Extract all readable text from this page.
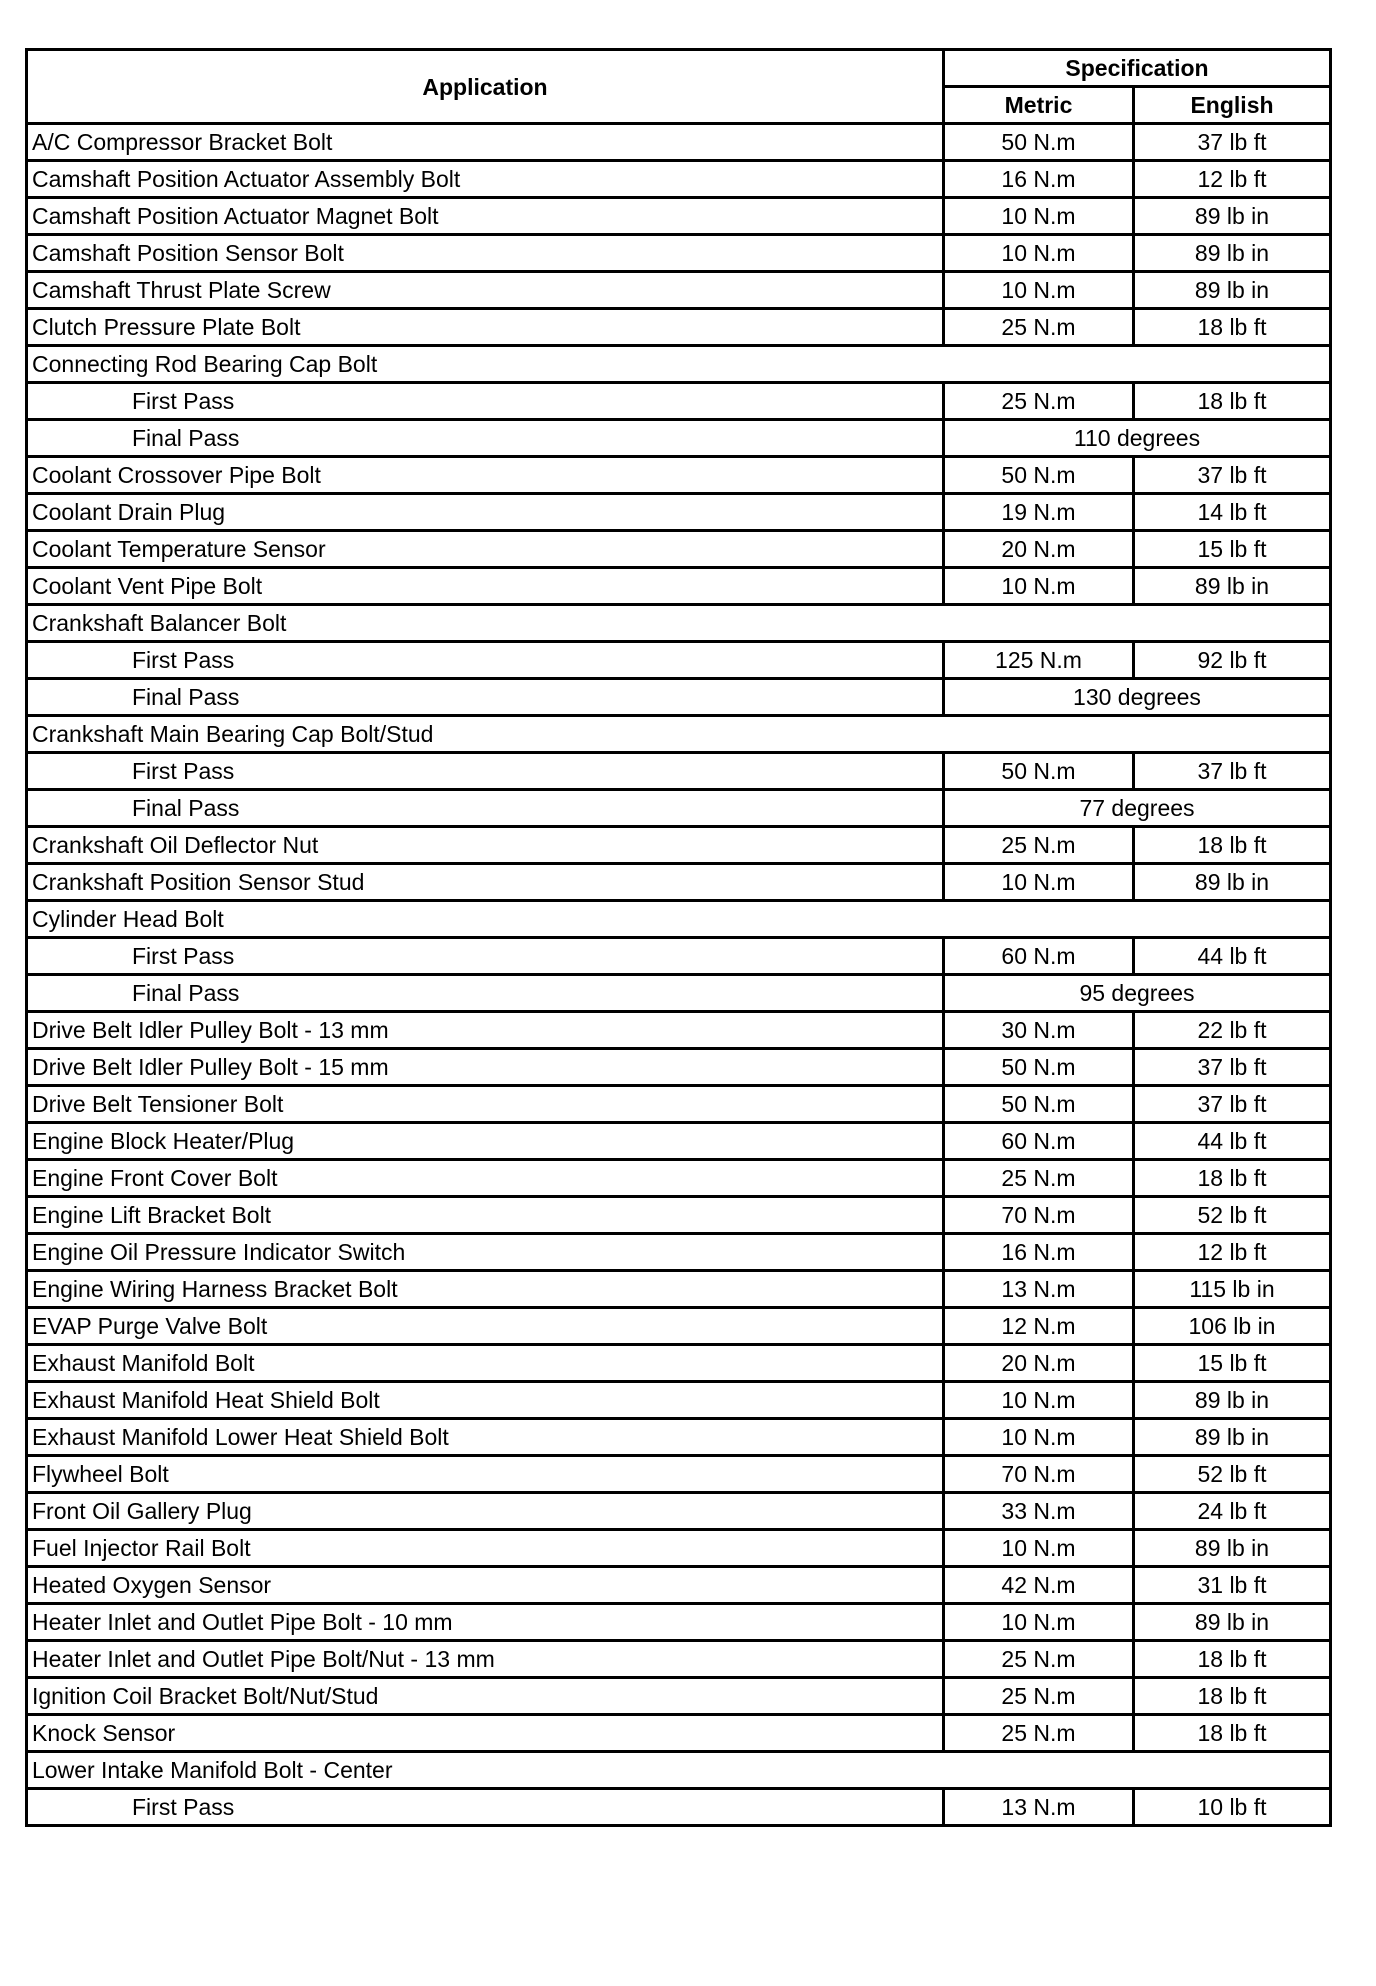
Application	Specification	
	Metric	English
A/C Compressor Bracket Bolt	50 N.m	37 lb ft
Camshaft Position Actuator Assembly Bolt	16 N.m	12 lb ft
Camshaft Position Actuator Magnet Bolt	10 N.m	89 lb in
Camshaft Position Sensor Bolt	10 N.m	89 lb in
Camshaft Thrust Plate Screw	10 N.m	89 lb in
Clutch Pressure Plate Bolt	25 N.m	18 lb ft
Connecting Rod Bearing Cap Bolt		
First Pass	25 N.m	18 lb ft
Final Pass	110 degrees	
Coolant Crossover Pipe Bolt	50 N.m	37 lb ft
Coolant Drain Plug	19 N.m	14 lb ft
Coolant Temperature Sensor	20 N.m	15 lb ft
Coolant Vent Pipe Bolt	10 N.m	89 lb in
Crankshaft Balancer Bolt		
First Pass	125 N.m	92 lb ft
Final Pass	130 degrees	
Crankshaft Main Bearing Cap Bolt/Stud		
First Pass	50 N.m	37 lb ft
Final Pass	77 degrees	
Crankshaft Oil Deflector Nut	25 N.m	18 lb ft
Crankshaft Position Sensor Stud	10 N.m	89 lb in
Cylinder Head Bolt		
First Pass	60 N.m	44 lb ft
Final Pass	95 degrees	
Drive Belt Idler Pulley Bolt - 13 mm	30 N.m	22 lb ft
Drive Belt Idler Pulley Bolt - 15 mm	50 N.m	37 lb ft
Drive Belt Tensioner Bolt	50 N.m	37 lb ft
Engine Block Heater/Plug	60 N.m	44 lb ft
Engine Front Cover Bolt	25 N.m	18 lb ft
Engine Lift Bracket Bolt	70 N.m	52 lb ft
Engine Oil Pressure Indicator Switch	16 N.m	12 lb ft
Engine Wiring Harness Bracket Bolt	13 N.m	115 lb in
EVAP Purge Valve Bolt	12 N.m	106 lb in
Exhaust Manifold Bolt	20 N.m	15 lb ft
Exhaust Manifold Heat Shield Bolt	10 N.m	89 lb in
Exhaust Manifold Lower Heat Shield Bolt	10 N.m	89 lb in
Flywheel Bolt	70 N.m	52 lb ft
Front Oil Gallery Plug	33 N.m	24 lb ft
Fuel Injector Rail Bolt	10 N.m	89 lb in
Heated Oxygen Sensor	42 N.m	31 lb ft
Heater Inlet and Outlet Pipe Bolt - 10 mm	10 N.m	89 lb in
Heater Inlet and Outlet Pipe Bolt/Nut - 13 mm	25 N.m	18 lb ft
Ignition Coil Bracket Bolt/Nut/Stud	25 N.m	18 lb ft
Knock Sensor	25 N.m	18 lb ft
Lower Intake Manifold Bolt - Center		
First Pass	13 N.m	10 lb ft
